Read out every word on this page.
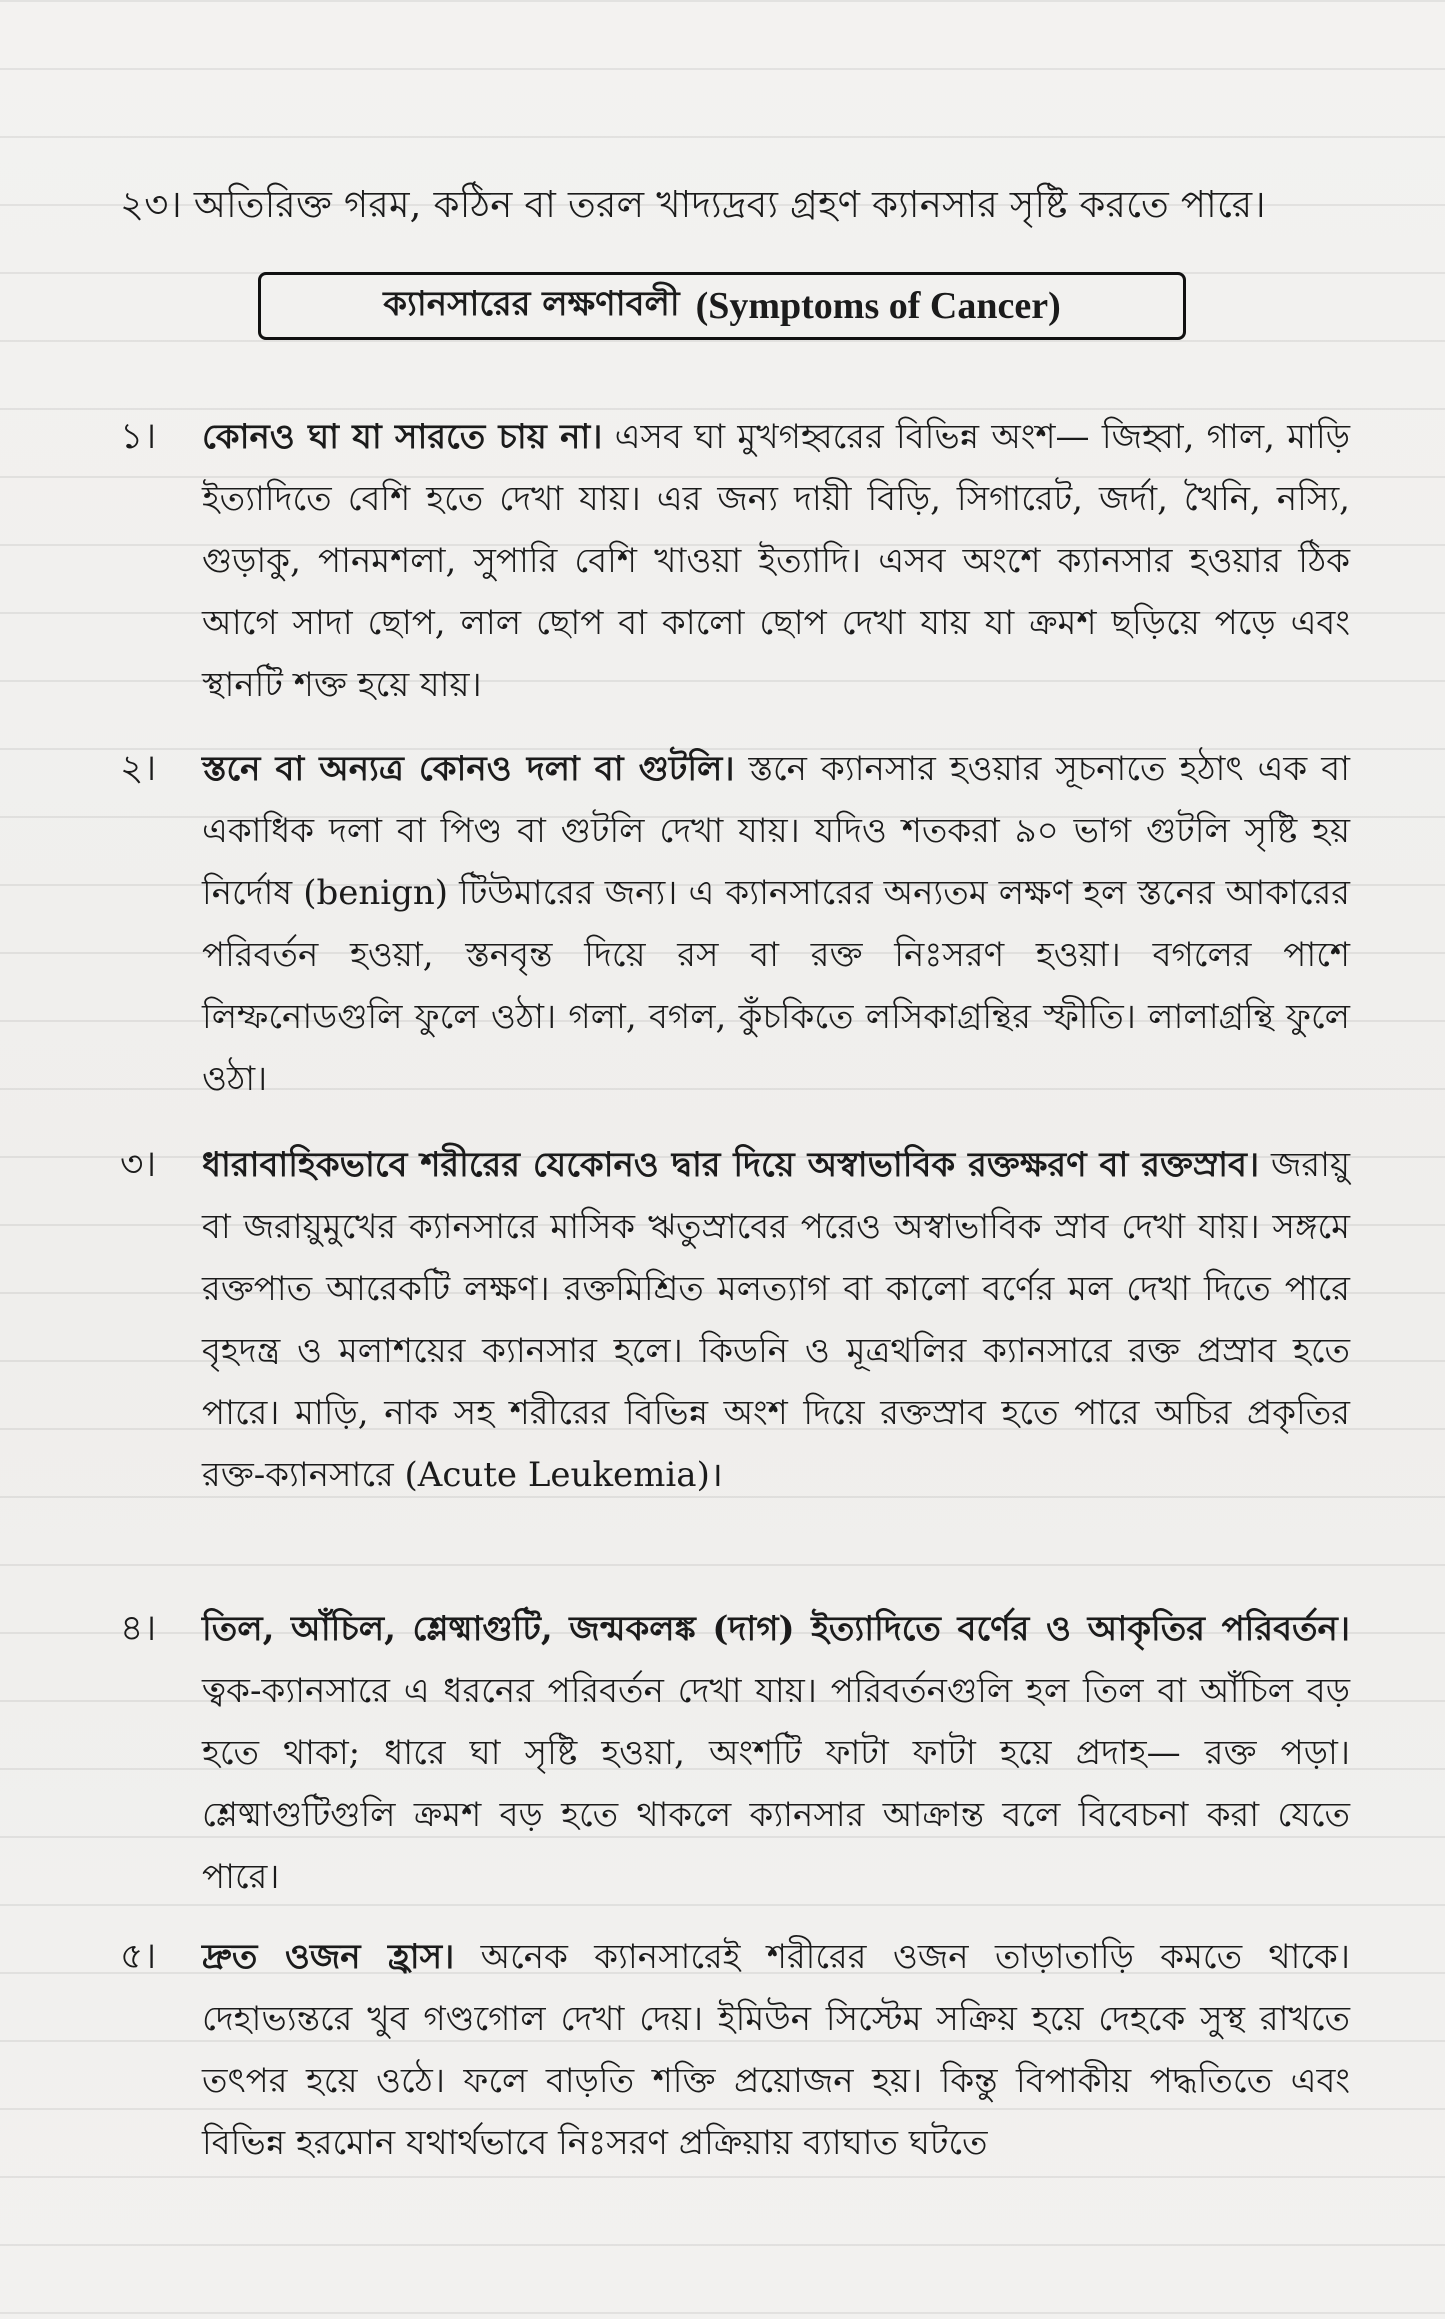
২৩। অতিরিক্ত গরম, কঠিন বা তরল খাদ্যদ্রব্য গ্রহণ ক্যানসার সৃষ্টি করতে পারে।
ক্যানসারের লক্ষণাবলী (Symptoms of Cancer)
১। কোনও ঘা যা সারতে চায় না। এসব ঘা মুখগহ্বরের বিভিন্ন অংশ— জিহ্বা, গাল, মাড়ি ইত্যাদিতে বেশি হতে দেখা যায়। এর জন্য দায়ী বিড়ি, সিগারেট, জর্দা, খৈনি, নস্যি, গুড়াকু, পানমশলা, সুপারি বেশি খাওয়া ইত্যাদি। এসব অংশে ক্যানসার হওয়ার ঠিক আগে সাদা ছোপ, লাল ছোপ বা কালো ছোপ দেখা যায় যা ক্রমশ ছড়িয়ে পড়ে এবং স্থানটি শক্ত হয়ে যায়।
২। স্তনে বা অন্যত্র কোনও দলা বা গুটলি। স্তনে ক্যানসার হওয়ার সূচনাতে হঠাৎ এক বা একাধিক দলা বা পিণ্ড বা গুটলি দেখা যায়। যদিও শতকরা ৯০ ভাগ গুটলি সৃষ্টি হয় নির্দোষ (benign) টিউমারের জন্য। এ ক্যানসারের অন্যতম লক্ষণ হল স্তনের আকারের পরিবর্তন হওয়া, স্তনবৃন্ত দিয়ে রস বা রক্ত নিঃসরণ হওয়া। বগলের পাশে লিম্ফনোডগুলি ফুলে ওঠা। গলা, বগল, কুঁচকিতে লসিকাগ্রন্থির স্ফীতি। লালাগ্রন্থি ফুলে ওঠা।
৩। ধারাবাহিকভাবে শরীরের যেকোনও দ্বার দিয়ে অস্বাভাবিক রক্তক্ষরণ বা রক্তস্রাব। জরায়ু বা জরায়ুমুখের ক্যানসারে মাসিক ঋতুস্রাবের পরেও অস্বাভাবিক স্রাব দেখা যায়। সঙ্গমে রক্তপাত আরেকটি লক্ষণ। রক্তমিশ্রিত মলত্যাগ বা কালো বর্ণের মল দেখা দিতে পারে বৃহদন্ত্র ও মলাশয়ের ক্যানসার হলে। কিডনি ও মূত্রথলির ক্যানসারে রক্ত প্রস্রাব হতে পারে। মাড়ি, নাক সহ শরীরের বিভিন্ন অংশ দিয়ে রক্তস্রাব হতে পারে অচির প্রকৃতির রক্ত-ক্যানসারে (Acute Leukemia)।
৪। তিল, আঁচিল, শ্লেষ্মাগুটি, জন্মকলঙ্ক (দাগ) ইত্যাদিতে বর্ণের ও আকৃতির পরিবর্তন। ত্বক-ক্যানসারে এ ধরনের পরিবর্তন দেখা যায়। পরিবর্তনগুলি হল তিল বা আঁচিল বড় হতে থাকা; ধারে ঘা সৃষ্টি হওয়া, অংশটি ফাটা ফাটা হয়ে প্রদাহ— রক্ত পড়া। শ্লেষ্মাগুটিগুলি ক্রমশ বড় হতে থাকলে ক্যানসার আক্রান্ত বলে বিবেচনা করা যেতে পারে।
৫। দ্রুত ওজন হ্রাস। অনেক ক্যানসারেই শরীরের ওজন তাড়াতাড়ি কমতে থাকে। দেহাভ্যন্তরে খুব গণ্ডগোল দেখা দেয়। ইমিউন সিস্টেম সক্রিয় হয়ে দেহকে সুস্থ রাখতে তৎপর হয়ে ওঠে। ফলে বাড়তি শক্তি প্রয়োজন হয়। কিন্তু বিপাকীয় পদ্ধতিতে এবং বিভিন্ন হরমোন যথার্থভাবে নিঃসরণ প্রক্রিয়ায় ব্যাঘাত ঘটতে
